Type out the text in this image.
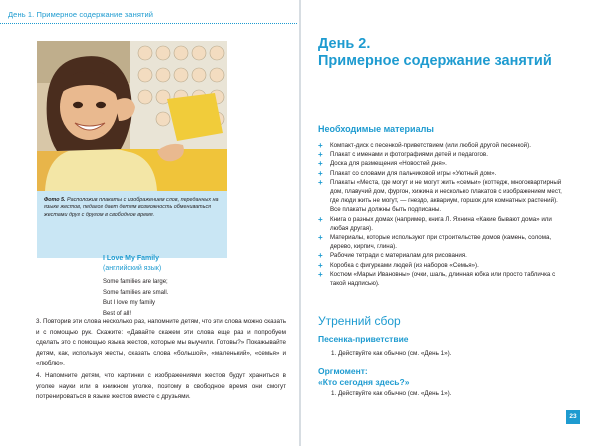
День 1. Примерное содержание занятий

Фото 5. Расположив плакаты с изображением слов, переданных на языке жестов, педагог дает детям возможность обмениваться жестами друг с другом в свободное время.

I Love My Family
(английский язык)
Some families are large;
Some families are small.
But I love my family
Best of all!

3. Повторив эти слова несколько раз, напомните детям, что эти слова можно сказать и с помощью рук. Скажите: «Давайте скажем эти слова еще раз и попробуем сделать это с помощью языка жестов, которые мы выучили. Готовы?» Покажывайте детям, как, используя жесты, сказать слова «большой», «маленький», «семья» и «люблю».

4. Напомните детям, что картинки с изображениями жестов будут храниться в уголке науки или в книжном уголке, поэтому в свободное время они смогут потренироваться в языке жестов вместе с друзьями.

День 2.
Примерное содержание занятий
Необходимые материалы
+ Компакт-диск с песенкой-приветствием (или любой другой песенкой).
+ Плакат с именами и фотографиями детей и педагогов.
+ Доска для размещения «Новостей дня».
+ Плакат со словами для пальчиковой игры «Уютный дом».
+ Плакаты «Места, где могут и не могут жить «семьи» (коттедж, многоквартирный дом, плавучий дом, фургон, хижина и несколько плакатов с изображением мест, где люди жить не могут, — гнездо, аквариум, горшок для комнатных растений). Все плакаты должны быть подписаны.
+ Книга о разных домах (например, книга Л. Яхнина «Какие бывают дома» или любая другая).
+ Материалы, которые используют при строительстве домов (камень, солома, дерево, кирпич, глина).
+ Рабочие тетради с материалам для рисования.
+ Коробка с фигурками людей (из наборов «Семья»).
+ Костюм «Марьи Ивановны» (очки, шаль, длинная юбка или просто табличка с такой надписью).
Утренний сбор
Песенка-приветствие
1. Действуйте как обычно (см. «День 1»).
Оргмомент:
«Кто сегодня здесь?»
1. Действуйте как обычно (см. «День 1»).
23
